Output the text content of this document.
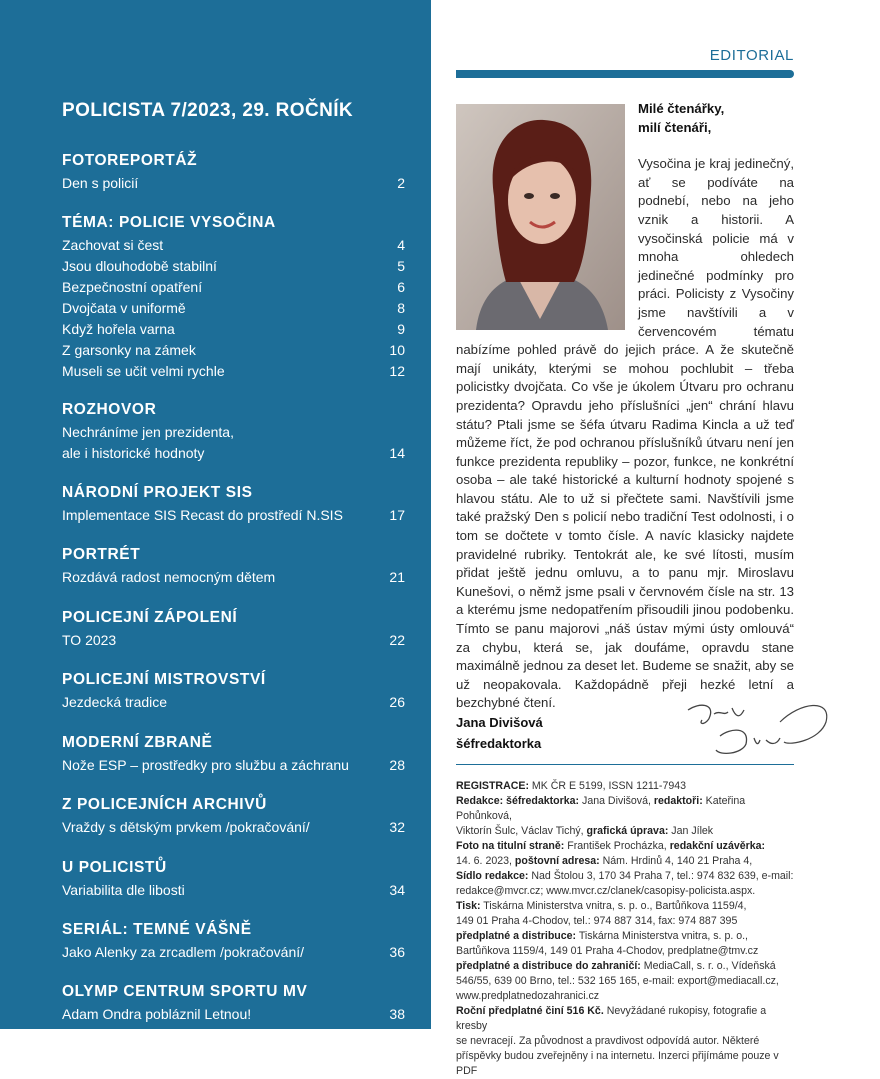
POLICISTA 7/2023, 29. ROČNÍK
FOTOREPORTÁŽ
Den s policií	2
TÉMA: POLICIE VYSOČINA
Zachovat si čest	4
Jsou dlouhodobě stabilní	5
Bezpečnostní opatření	6
Dvojčata v uniformě	8
Když hořela varna	9
Z garsonky na zámek	10
Museli se učit velmi rychle	12
ROZHOVOR
Nechráníme jen prezidenta,
ale i historické hodnoty	14
NÁRODNÍ PROJEKT SIS
Implementace SIS Recast do prostředí N.SIS	17
PORTRÉT
Rozdává radost nemocným dětem	21
POLICEJNÍ ZÁPOLENÍ
TO 2023	22
POLICEJNÍ MISTROVSTVÍ
Jezdecká tradice	26
MODERNÍ ZBRANĚ
Nože ESP – prostředky pro službu a záchranu	28
Z POLICEJNÍCH ARCHIVŮ
Vraždy s dětským prvkem /pokračování/	32
U POLICISTŮ
Variabilita dle libosti	34
SERIÁL: TEMNÉ VÁŠNĚ
Jako Alenky za zrcadlem /pokračování/	36
OLYMP CENTRUM SPORTU MV
Adam Ondra pobláznil Letnou!	38
EDITORIAL
Milé čtenářky,
milí čtenáři,
Vysočina je kraj jedinečný, ať se podíváte na podnebí, nebo na jeho vznik a historii. A vysočinská policie má v mnoha ohledech jedinečné podmínky pro práci. Policisty z Vysočiny jsme navštívili a v červencovém tématu nabízíme pohled právě do jejich práce. A že skutečně mají unikáty, kterými se mohou pochlubit – třeba policistky dvojčata. Co vše je úkolem Útvaru pro ochranu prezidenta? Opravdu jeho příslušníci „jen“ chrání hlavu státu? Ptali jsme se šéfa útvaru Radima Kincla a už teď můžeme říct, že pod ochranou příslušníků útvaru není jen funkce prezidenta republiky – pozor, funkce, ne konkrétní osoba – ale také historické a kulturní hodnoty spojené s hlavou státu. Ale to už si přečtete sami. Navštívili jsme také pražský Den s policií nebo tradiční Test odolnosti, i o tom se dočtete v tomto čísle. A navíc klasicky najdete pravidelné rubriky. Tentokrát ale, ke své lítosti, musím přidat ještě jednu omluvu, a to panu mjr. Miroslavu Kunešovi, o němž jsme psali v červnovém čísle na str. 13 a kterému jsme nedopatřením přisoudili jinou podobenku. Tímto se panu majorovi „náš ústav mými ústy omlouvá“ za chybu, která se, jak doufáme, opravdu stane maximálně jednou za deset let. Budeme se snažit, aby se už neopakovala. Každopádně přeji hezké letní a bezchybné čtení.
Jana Divišová
šéfredaktorka
Jana Div
REGISTRACE: MK ČR E 5199, ISSN 1211-7943
Redakce: šéfredaktorka: Jana Divišová, redaktoři: Kateřina Pohůnková,
Viktorín Šulc, Václav Tichý, grafická úprava: Jan Jílek
Foto na titulní straně: František Procházka, redakční uzávěrka:
14. 6. 2023, poštovní adresa: Nám. Hrdinů 4, 140 21 Praha 4,
Sídlo redakce: Nad Štolou 3, 170 34 Praha 7, tel.: 974 832 639, e-mail:
redakce@mvcr.cz; www.mvcr.cz/clanek/casopisy-policista.aspx.
Tisk: Tiskárna Ministerstva vnitra, s. p. o., Bartůňkova 1159/4,
149 01 Praha 4-Chodov, tel.: 974 887 314, fax: 974 887 395
předplatné a distribuce: Tiskárna Ministerstva vnitra, s. p. o.,
Bartůňkova 1159/4, 149 01 Praha 4-Chodov, predplatne@tmv.cz
předplatné a distribuce do zahraničí: MediaCall, s. r. o., Vídeňská
546/55, 639 00 Brno, tel.: 532 165 165, e-mail: export@mediacall.cz,
www.predplatnedozahranici.cz
Roční předplatné činí 516 Kč. Nevyžádané rukopisy, fotografie a kresby
se nevracejí. Za původnost a pravdivost odpovídá autor. Některé
příspěvky budou zveřejněny i na internetu. Inzerci přijímáme pouze v PDF
